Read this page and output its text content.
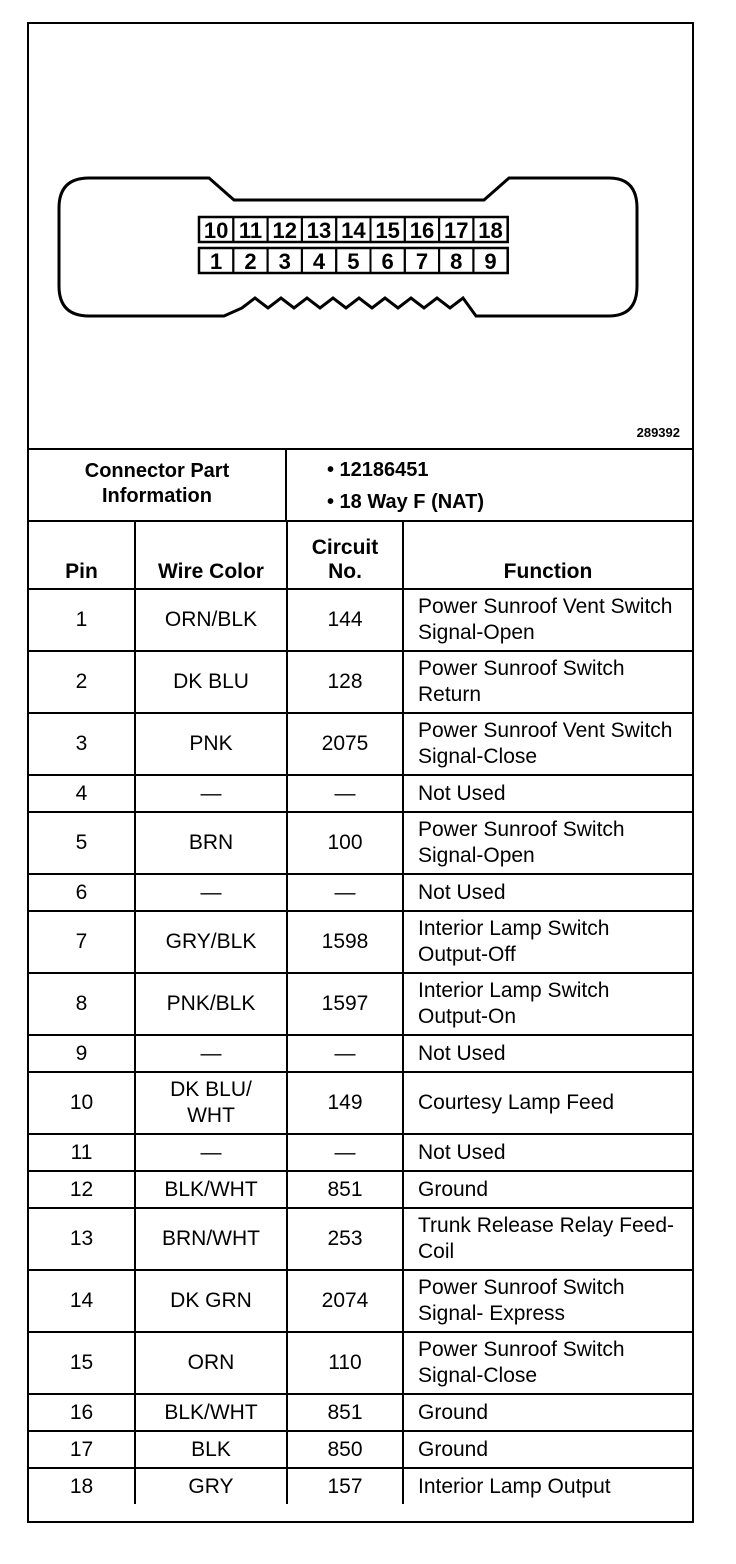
10 11 12 13 14 15 16 17 18
1 2 3 4 5 6 7 8 9
289392
Connector Part Information
• 12186451
• 18 Way F (NAT)
Pin	Wire Color	Circuit No.	Function
1	ORN/BLK	144	Power Sunroof Vent Switch Signal-Open
2	DK BLU	128	Power Sunroof Switch Return
3	PNK	2075	Power Sunroof Vent Switch Signal-Close
4	—	—	Not Used
5	BRN	100	Power Sunroof Switch Signal-Open
6	—	—	Not Used
7	GRY/BLK	1598	Interior Lamp Switch Output-Off
8	PNK/BLK	1597	Interior Lamp Switch Output-On
9	—	—	Not Used
10	DK BLU/ WHT	149	Courtesy Lamp Feed
11	—	—	Not Used
12	BLK/WHT	851	Ground
13	BRN/WHT	253	Trunk Release Relay Feed-Coil
14	DK GRN	2074	Power Sunroof Switch Signal- Express
15	ORN	110	Power Sunroof Switch Signal-Close
16	BLK/WHT	851	Ground
17	BLK	850	Ground
18	GRY	157	Interior Lamp Output
